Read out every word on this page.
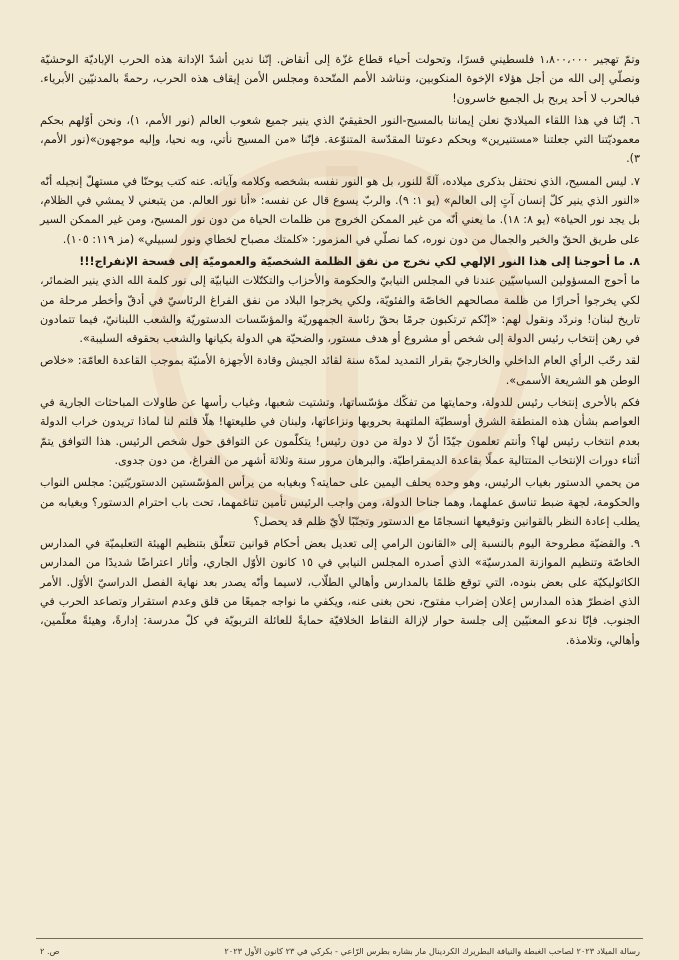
وتمّ تهجير ١،٨٠٠،٠٠٠ فلسطيني قسرًا، وتحولت أحياء قطاع غزّة إلى أنقاض. إنّنا ندين أشدّ الإدانة هذه الحرب الإباديّة الوحشيّة ونصلّي إلى الله من أجل هؤلاء الإخوة المنكوبين، ونناشد الأمم المتّحدة ومجلس الأمن إيقاف هذه الحرب، رحمةً بالمدنيّين الأبرياء. فبالحرب لا أحد يربح بل الجميع خاسرون!

٦. إنّنا في هذا اللقاء الميلاديّ نعلن إيماننا بالمسيح-النور الحقيقيّ الذي ينير جميع شعوب العالم (نور الأمم، ١)، ونحن أوّلهم بحكم معموديّتنا التي جعلتنا «مستنيرين» وبحكم دعوتنا المقدّسة المتنوّعة. فإنّنا «من المسيح نأتي، وبه نحيا، وإليه موجهون»(نور الأمم، ٣).

٧. ليس المسيح، الذي نحتفل بذكرى ميلاده، آلةً للنور، بل هو النور نفسه بشخصه وكلامه وآياته. عنه كتب يوحنّا في مستهلّ إنجيله أنّه «النور الذي ينير كلّ إنسان آتٍ إلى العالم» (يو ١: ٩). والربّ يسوع قال عن نفسه: «أنا نور العالم. من يتبعني لا يمشي في الظلام، بل يجد نور الحياة» (يو ٨: ١٨). ما يعني أنّه من غير الممكن الخروج من ظلمات الحياة من دون نور المسيح، ومن غير الممكن السير على طريق الحقّ والخير والجمال من دون نوره، كما نصلّي في المزمور: «كلمتك مصباح لخطاي ونور لسبيلي» (مز ١١٩: ١٠٥).

٨. ما أحوجنا إلى هذا النور الإلهي لكي نخرج من نفق الظلمة الشخصيّة والعموميّة إلى فسحة الإنفراج!!!

ما أحوج المسؤولين السياسيّين عندنا في المجلس النيابيّ والحكومة والأحزاب والتكتّلات النيابيّة إلى نور كلمة الله الذي ينير الضمائر، لكي يخرجوا أحرارًا من ظلمة مصالحهم الخاصّة والفئويّة، ولكي يخرجوا البلاد من نفق الفراغ الرئاسيّ في أدقّ وأخطر مرحلة من تاريخ لبنان! ونردّد ونقول لهم: «إنّكم ترتكبون جرمًا بحقّ رئاسة الجمهوريّة والمؤسّسات الدستوريّة والشعب اللبنانيّ، فيما تتمادون في رهن إنتخاب رئيس الدولة إلى شخص أو مشروع أو هدف مستور، والضحيّة هي الدولة بكيانها والشعب بحقوقه السليبة».

لقد رحّب الرأي العام الداخلي والخارجيّ بقرار التمديد لمدّة سنة لقائد الجيش وقادة الأجهزة الأمنيّة بموجب القاعدة العامّة: «خلاص الوطن هو الشريعة الأسمى».

فكم بالأحرى إنتخاب رئيس للدولة، وحمايتها من تفكّك مؤسّساتها، وتشتيت شعبها، وغياب رأسها عن طاولات المباحثات الجارية في العواصم بشأن هذه المنطقة الشرق أوسطيّة الملتهبة بحروبها ونزاعاتها، ولبنان في طليعتها! هلّا قلتم لنا لماذا تريدون خراب الدولة بعدم انتخاب رئيس لها؟ وأنتم تعلمون جيّدًا أنّ لا دولة من دون رئيس! يتكلّمون عن التوافق حول شخص الرئيس. هذا التوافق يتمّ أثناء دورات الإنتخاب المتتالية عملًا بقاعدة الديمقراطيّة. والبرهان مرور سنة وثلاثة أشهر من الفراغ، من دون جدوى.

من يحمي الدستور بغياب الرئيس، وهو وحده يحلف اليمين على حمايته؟ وبغيابه من يرأس المؤسّستين الدستوريّتين: مجلس النواب والحكومة، لجهة ضبط تناسق عملهما، وهما جناحا الدولة، ومن واجب الرئيس تأمين تناغمهما، تحت باب احترام الدستور؟ وبغيابه من يطلب إعادة النظر بالقوانين وتوقيعها انسجامًا مع الدستور وتجنّبًا لأيّ ظلم قد يحصل؟

٩. والقضيّة مطروحة اليوم بالنسبة إلى «القانون الرامي إلى تعديل بعض أحكام قوانين تتعلّق بتنظيم الهيئة التعليميّة في المدارس الخاصّة وتنظيم الموازنة المدرسيّة» الذي أصدره المجلس النيابي في ١٥ كانون الأوّل الجاري، وأثار اعتراضًا شديدًا من المدارس الكاثوليكيّة على بعض بنوده، التي توقع ظلمًا بالمدارس وأهالي الطلّاب، لاسيما وأنّه يصدر بعد نهاية الفصل الدراسيّ الأوّل. الأمر الذي اضطرّ هذه المدارس إعلان إضراب مفتوح، نحن بغنى عنه، ويكفي ما نواجه جميعًا من قلق وعدم استقرار وتصاعد الحرب في الجنوب. فإنّا ندعو المعنيّين إلى جلسة حوار لإزالة النقاط الخلافيّة حمايةً للعائلة التربويّة في كلّ مدرسة: إدارةً، وهيئةً معلّمين، وأهالي، وتلامذة.

رسالة الميلاد ٢٠٢٣ لصاحب الغبطة والنيافة البطريرك الكردينال مار بشاره بطرس الرّاعي - بكركي في ٢٣ كانون الأول ٢٠٢٣
ص. ٢
